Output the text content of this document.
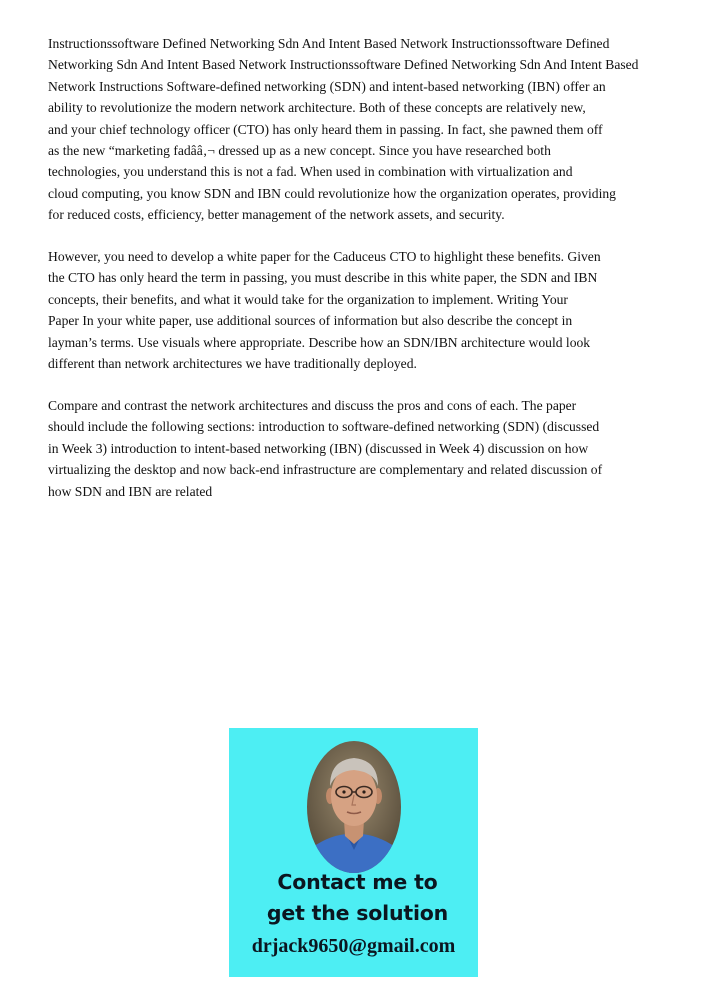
Instructionssoftware Defined Networking Sdn And Intent Based Network Instructionssoftware Defined
Networking Sdn And Intent Based Network Instructionssoftware Defined Networking Sdn And Intent Based
Network Instructions Software-defined networking (SDN) and intent-based networking (IBN) offer an
ability to revolutionize the modern network architecture. Both of these concepts are relatively new,
and your chief technology officer (CTO) has only heard them in passing. In fact, she pawned them off
as the new “marketing fadââ‚¬ dressed up as a new concept. Since you have researched both
technologies, you understand this is not a fad. When used in combination with virtualization and
cloud computing, you know SDN and IBN could revolutionize how the organization operates, providing
for reduced costs, efficiency, better management of the network assets, and security.
However, you need to develop a white paper for the Caduceus CTO to highlight these benefits. Given
the CTO has only heard the term in passing, you must describe in this white paper, the SDN and IBN
concepts, their benefits, and what it would take for the organization to implement. Writing Your
Paper In your white paper, use additional sources of information but also describe the concept in
layman’s terms. Use visuals where appropriate. Describe how an SDN/IBN architecture would look
different than network architectures we have traditionally deployed.
Compare and contrast the network architectures and discuss the pros and cons of each. The paper
should include the following sections: introduction to software-defined networking (SDN) (discussed
in Week 3) introduction to intent-based networking (IBN) (discussed in Week 4) discussion on how
virtualizing the desktop and now back-end infrastructure are complementary and related discussion of
how SDN and IBN are related
Contact me to
get the solution
drjack9650@gmail.com
